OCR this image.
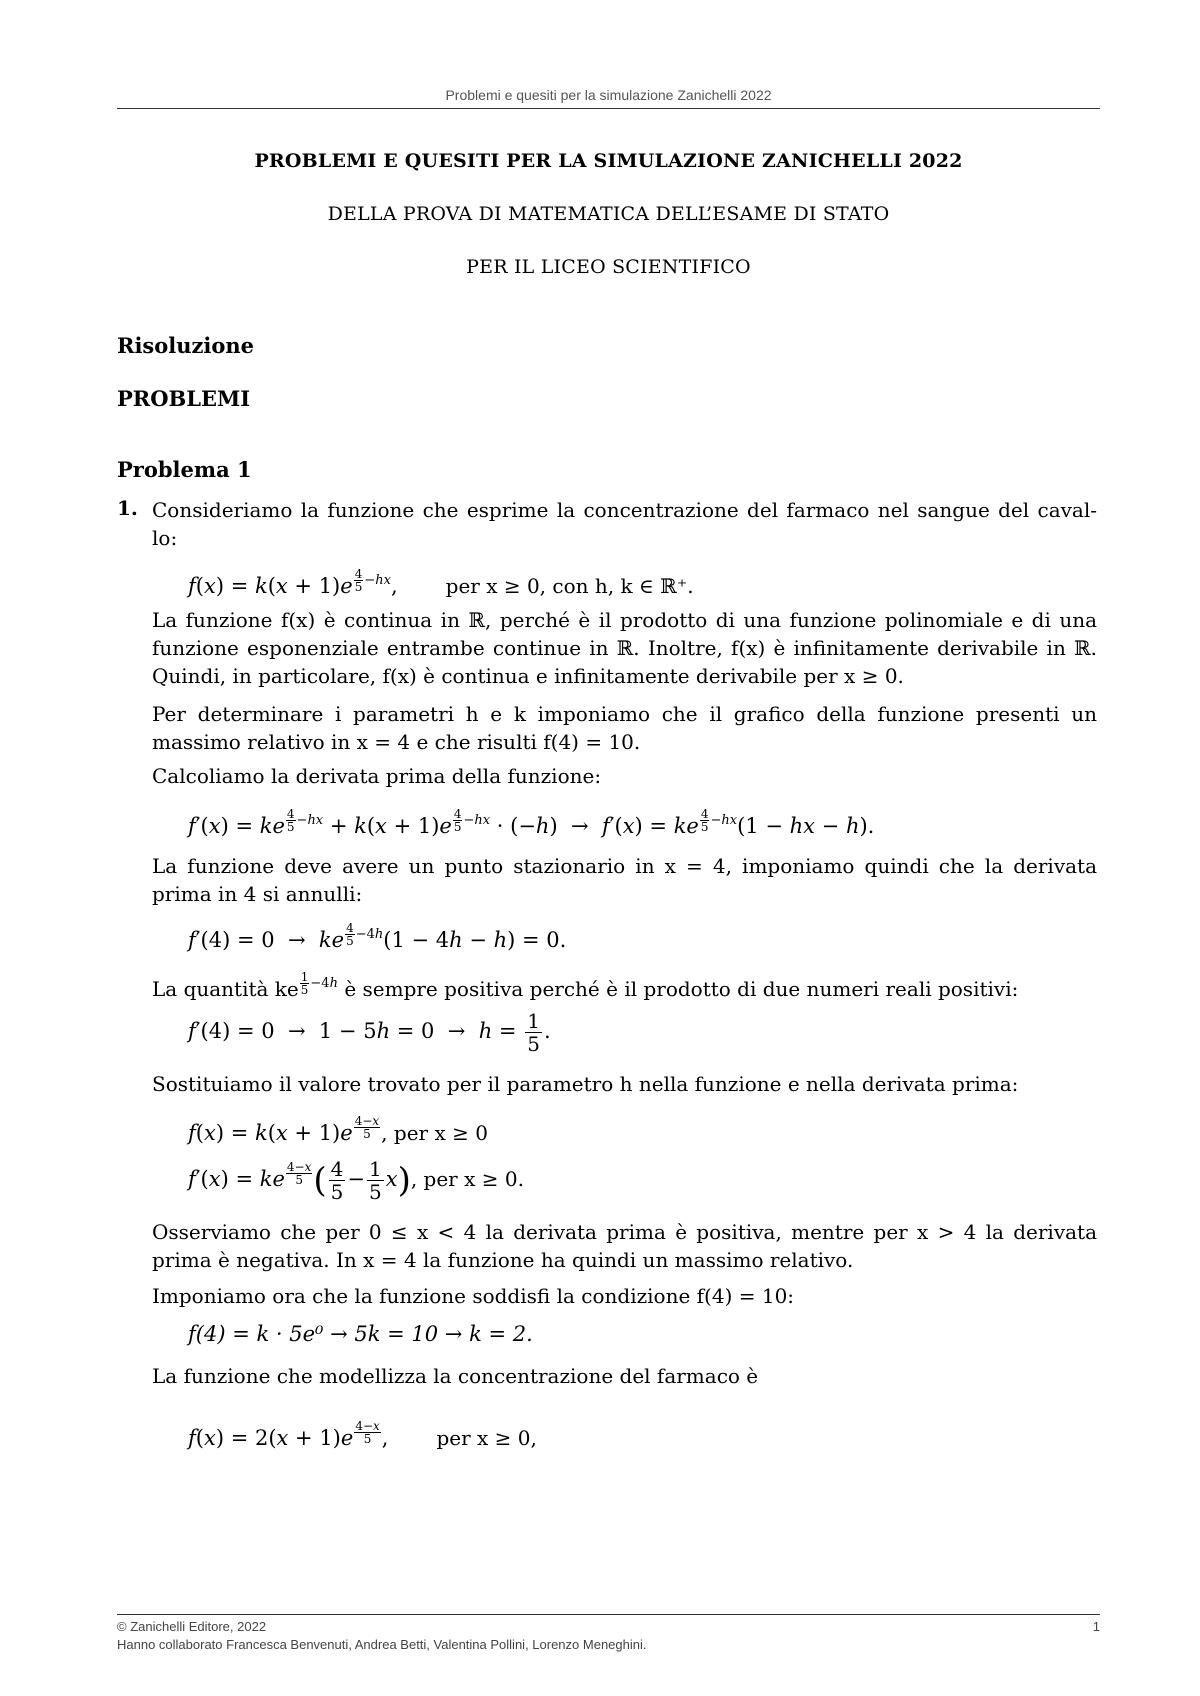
Problemi e quesiti per la simulazione Zanichelli 2022
PROBLEMI E QUESITI PER LA SIMULAZIONE ZANICHELLI 2022
DELLA PROVA DI MATEMATICA DELL’ESAME DI STATO
PER IL LICEO SCIENTIFICO
Risoluzione
PROBLEMI
Problema 1
1. Consideriamo la funzione che esprime la concentrazione del farmaco nel sangue del caval-lo:
f(x) = k(x + 1)e $^{\frac{4}{5} -hx}$, per x ≥ 0, con h, k ∈ ℝ⁺.
La funzione f(x) è continua in ℝ, perché è il prodotto di una funzione polinomiale e di una funzione esponenziale entrambe continue in ℝ. Inoltre, f(x) è infinitamente derivabile in ℝ. Quindi, in particolare, f(x) è continua e infinitamente derivabile per x ≥ 0.
Per determinare i parametri h e k imponiamo che il grafico della funzione presenti un massimo relativo in x = 4 e che risulti f(4) = 10.
Calcoliamo la derivata prima della funzione:
f′(x) = ke $^{\frac{4}{5} -hx}$ + k(x + 1)e $^{\frac{4}{5} -hx}$ · (−h)  →  f′(x) = ke $^{\frac{4}{5} -hx}$(1 − hx − h).
La funzione deve avere un punto stazionario in x = 4, imponiamo quindi che la derivata prima in 4 si annulli:
f′(4) = 0  →  ke $^{\frac{4}{5} -4h}$(1 − 4h − h) = 0.
La quantità ke $^{\frac{1}{5} -4h}$ è sempre positiva perché è il prodotto di due numeri reali positivi:
$f'(4) = 0 \to 1 - 5h = 0 \to h = \frac{1}{5}$ .
Sostituiamo il valore trovato per il parametro h nella funzione e nella derivata prima:
f(x) = k(x + 1)e $^{\frac{4-x}{5}}$ , per x ≥ 0
f′(x) = ke $^{\frac{4-x}{5}}$ ( $\frac{4}{5} - \frac{1}{5} x$), per x ≥ 0.
Osserviamo che per 0 ≤ x < 4 la derivata prima è positiva, mentre per x > 4 la derivata prima è negativa. In x = 4 la funzione ha quindi un massimo relativo.
Imponiamo ora che la funzione soddisfi la condizione f(4) = 10:
f(4) = k · 5e⁰ → 5k = 10 → k = 2.
La funzione che modellizza la concentrazione del farmaco è
f(x) = 2(x + 1)e $^{\frac{4-x}{5}}$ , per x ≥ 0,
© Zanichelli Editore, 2022
Hanno collaborato Francesca Benvenuti, Andrea Betti, Valentina Pollini, Lorenzo Meneghini.
1
